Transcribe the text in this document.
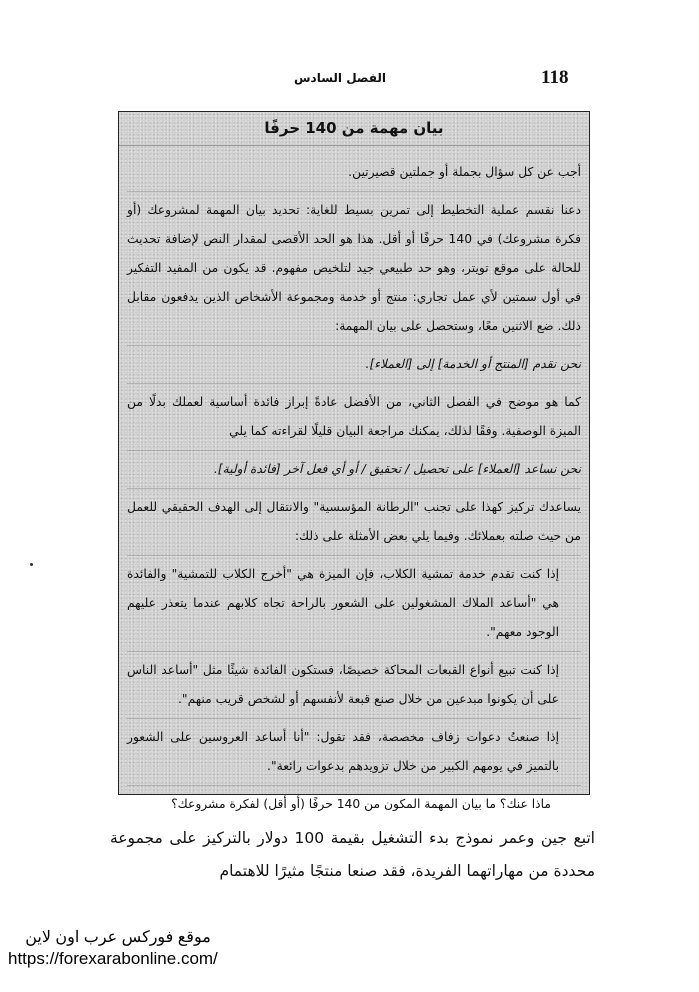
118
الفصل السادس
بيان مهمة من 140 حرفًا

أجب عن كل سؤال بجملة أو جملتين قصيرتين.

دعنا نقسم عملية التخطيط إلى تمرين بسيط للغاية: تحديد بيان المهمة لمشروعك (أو فكرة مشروعك) في 140 حرفًا أو أقل. هذا هو الحد الأقصى لمقدار النص لإضافة تحديث للحالة على موقع تويتر، وهو حد طبيعي جيد لتلخيص مفهوم. قد يكون من المفيد التفكير في أول سمتين لأي عمل تجاري: منتج أو خدمة ومجموعة الأشخاص الذين يدفعون مقابل ذلك. ضع الاثنين معًا، وستحصل على بيان المهمة:

نحن نقدم [المنتج أو الخدمة] إلى [العملاء].

كما هو موضح في الفصل الثاني، من الأفضل عادةً إبراز فائدة أساسية لعملك بدلًا من الميزة الوصفية. وفقًا لذلك، يمكنك مراجعة البيان قليلًا لقراءته كما يلي

نحن نساعد [العملاء] على تحصيل / تحقيق / أو أي فعل آخر [فائدة أولية].

يساعدك تركيز كهذا على تجنب "الرطانة المؤسسية" والانتقال إلى الهدف الحقيقي للعمل من حيث صلته بعملائك. وفيما يلي بعض الأمثلة على ذلك:

إذا كنت تقدم خدمة تمشية الكلاب، فإن الميزة هي "أخرج الكلاب للتمشية" والفائدة هي "أساعد الملاك المشغولين على الشعور بالراحة تجاه كلابهم عندما يتعذر عليهم الوجود معهم".

إذا كنت تبيع أنواع القبعات المحاكة خصيصًا، فستكون الفائدة شيئًا مثل "أساعد الناس على أن يكونوا مبدعين من خلال صنع قبعة لأنفسهم أو لشخص قريب منهم".

إذا صنعتُ دعوات زفاف مخصصة، فقد تقول: "أنا أساعد العروسين على الشعور بالتميز في يومهم الكبير من خلال تزويدهم بدعوات رائعة".

ماذا عنك؟ ما بيان المهمة المكون من 140 حرفًا (أو أقل) لفكرة مشروعك؟

اتبع جين وعمر نموذج بدء التشغيل بقيمة 100 دولار بالتركيز على مجموعة محددة من مهاراتهما الفريدة، فقد صنعا منتجًا مثيرًا للاهتمام
موقع فوركس عرب اون لاين
https://forexarabonline.com/
